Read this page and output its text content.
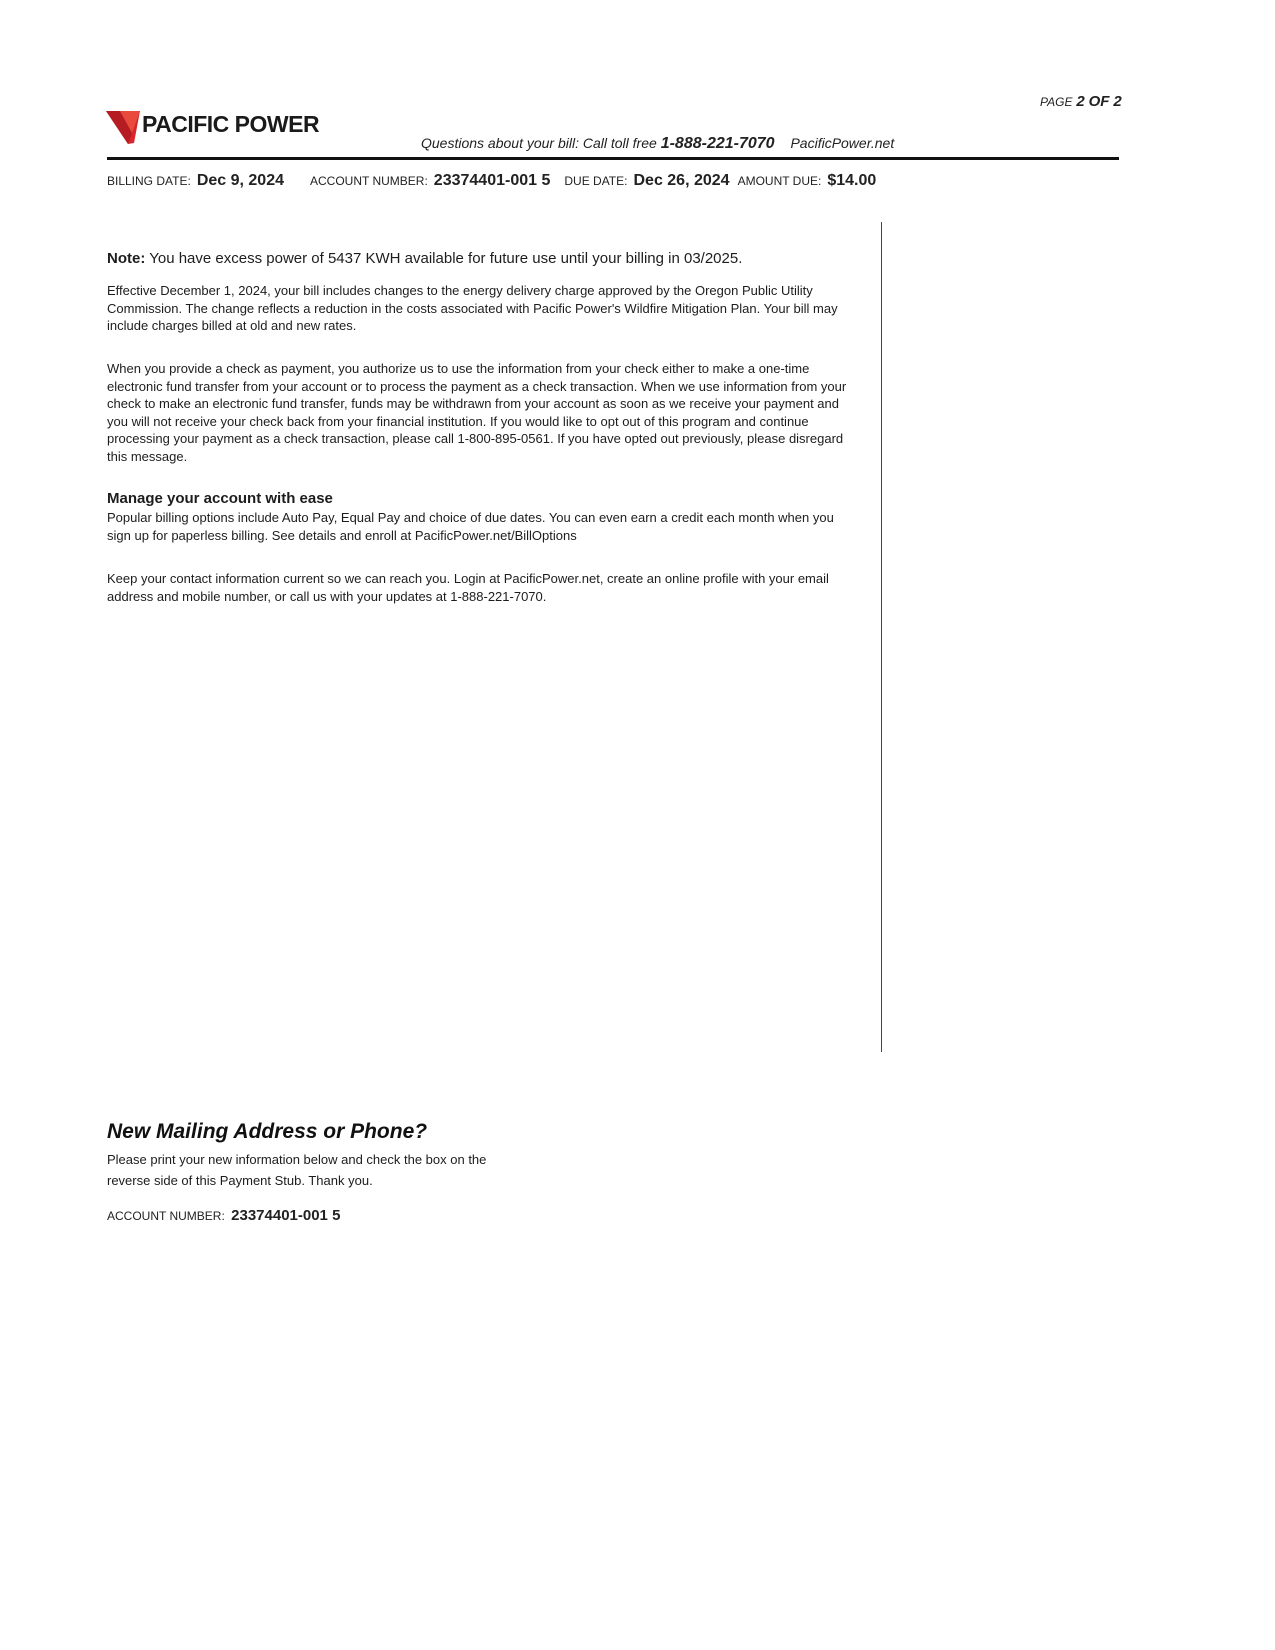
PAGE 2 OF 2
PACIFIC POWER
Questions about your bill: Call toll free 1-888-221-7070 PacificPower.net
BILLING DATE: Dec 9, 2024 ACCOUNT NUMBER: 23374401-001 5 DUE DATE: Dec 26, 2024 AMOUNT DUE: $14.00
Note: You have excess power of 5437 KWH available for future use until your billing in 03/2025.
Effective December 1, 2024, your bill includes changes to the energy delivery charge approved by the Oregon Public Utility Commission. The change reflects a reduction in the costs associated with Pacific Power's Wildfire Mitigation Plan. Your bill may include charges billed at old and new rates.
When you provide a check as payment, you authorize us to use the information from your check either to make a one-time electronic fund transfer from your account or to process the payment as a check transaction. When we use information from your check to make an electronic fund transfer, funds may be withdrawn from your account as soon as we receive your payment and you will not receive your check back from your financial institution. If you would like to opt out of this program and continue processing your payment as a check transaction, please call 1-800-895-0561. If you have opted out previously, please disregard this message.
Manage your account with ease
Popular billing options include Auto Pay, Equal Pay and choice of due dates. You can even earn a credit each month when you sign up for paperless billing. See details and enroll at PacificPower.net/BillOptions
Keep your contact information current so we can reach you. Login at PacificPower.net, create an online profile with your email address and mobile number, or call us with your updates at 1-888-221-7070.
New Mailing Address or Phone?
Please print your new information below and check the box on the reverse side of this Payment Stub. Thank you.
ACCOUNT NUMBER: 23374401-001 5
